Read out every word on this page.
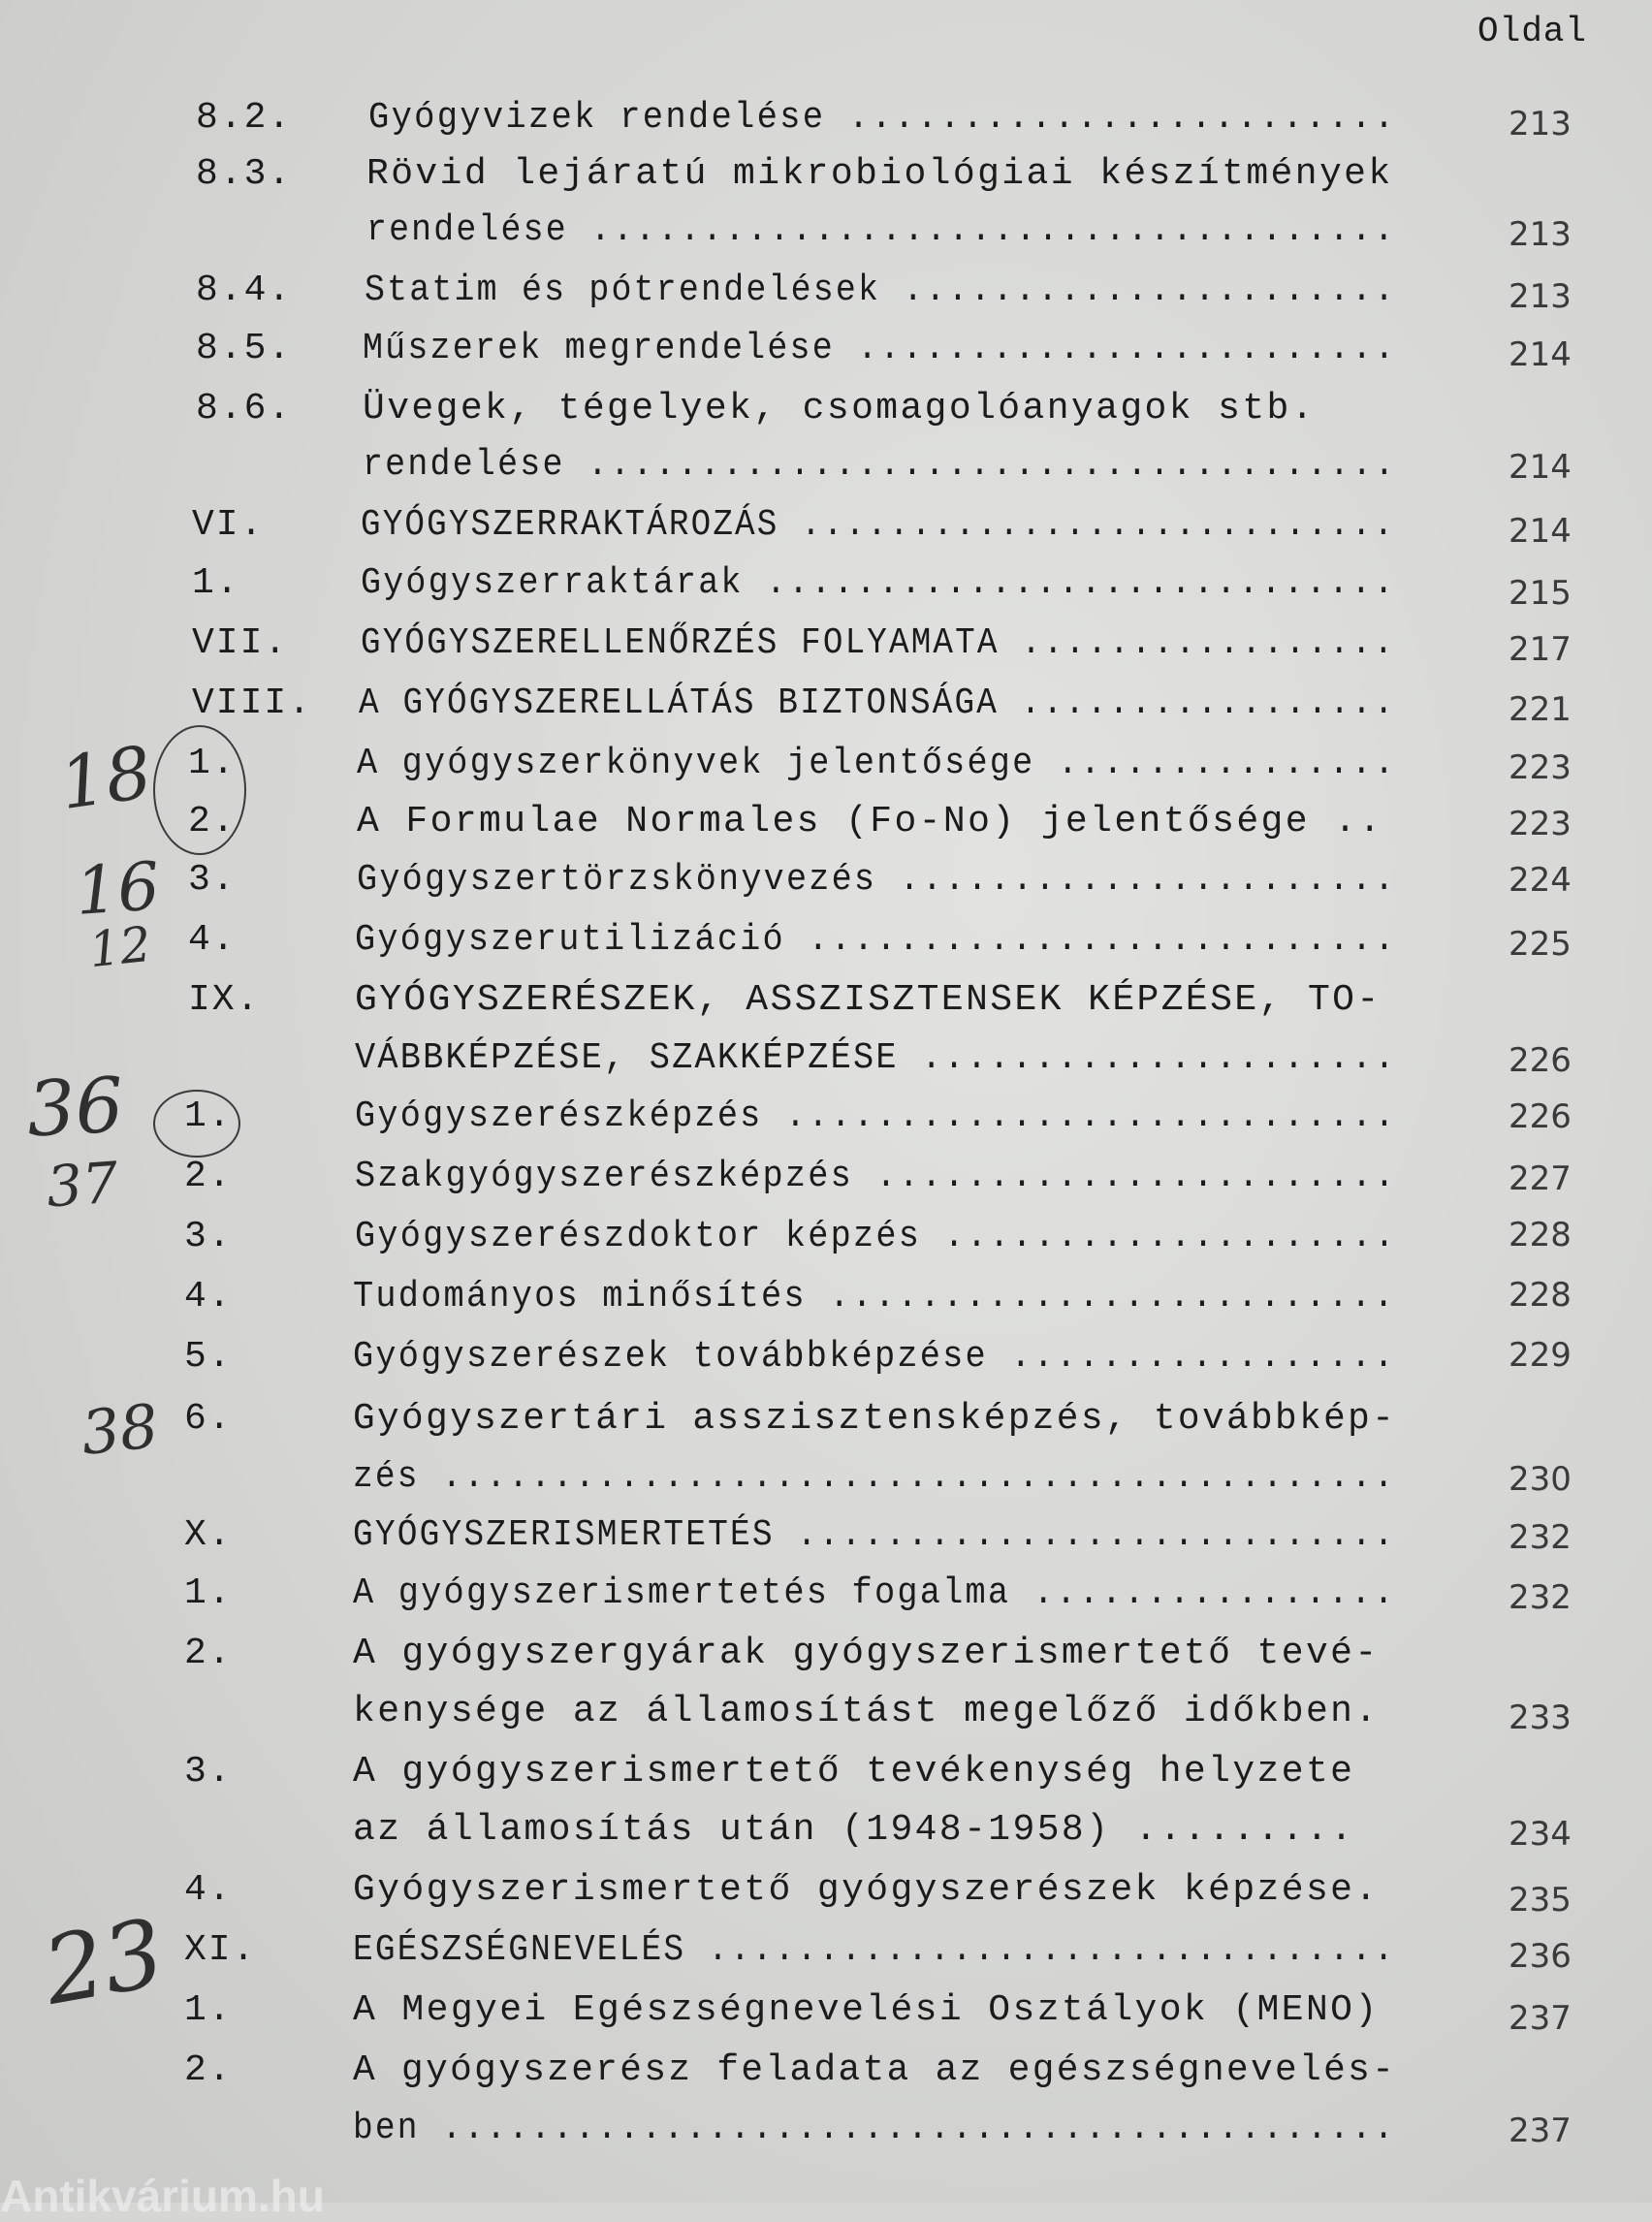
Oldal
8.2. Gyógyvizek rendelése ........................	213
8.3. Rövid lejáratú mikrobiológiai készítmények
rendelése ....................................	213
8.4. Statim és pótrendelések ......................	213
8.5. Műszerek megrendelése ........................	214
8.6. Üvegek, tégelyek, csomagolóanyagok stb.
rendelése ....................................	214
VI.	GYÓGYSZERRAKTÁROZÁS ...........................	214
1.	Gyógyszerraktárak ............................	215
VII. GYÓGYSZERELLENŐRZÉS FOLYAMATA .................	217
VIII. A GYÓGYSZERELLÁTÁS BIZTONSÁGA .................	221
1.	A gyógyszerkönyvek jelentősége ...............	223
2.	A Formulae Normales (Fo-No) jelentősége ..	223
3.	Gyógyszertörzskönyvezés ......................	224
4.	Gyógyszerutilizáció ..........................	225
IX.	GYÓGYSZERÉSZEK, ASSZISZTENSEK KÉPZÉSE, TO-
VÁBBKÉPZÉSE, SZAKKÉPZÉSE .....................	226
1.	Gyógyszerészképzés ...........................	226
2.	Szakgyógyszerészképzés .......................	227
3.	Gyógyszerészdoktor képzés ....................	228
4.	Tudományos minősítés .........................	228
5.	Gyógyszerészek továbbképzése .................	229
6.	Gyógyszertári asszisztensképzés, továbbkép-
zés ...........................................	230
X.	GYÓGYSZERISMERTETÉS ...........................	232
1.	A gyógyszerismertetés fogalma ................	232
2.	A gyógyszergyárak gyógyszerismertető tevé-
kenysége az államosítást megelőző időkben.	233
3.	A gyógyszerismertető tevékenység helyzete
az államosítás után (1948-1958) .........	234
4.	Gyógyszerismertető gyógyszerészek képzése.	235
XI.	EGÉSZSÉGNEVELÉS ...............................	236
1.	A Megyei Egészségnevelési Osztályok (MENO)	237
2.	A gyógyszerész feladata az egészségnevelés-
ben ...........................................	237
18
16
12
36
37
38
23
Antikvárium.hu
